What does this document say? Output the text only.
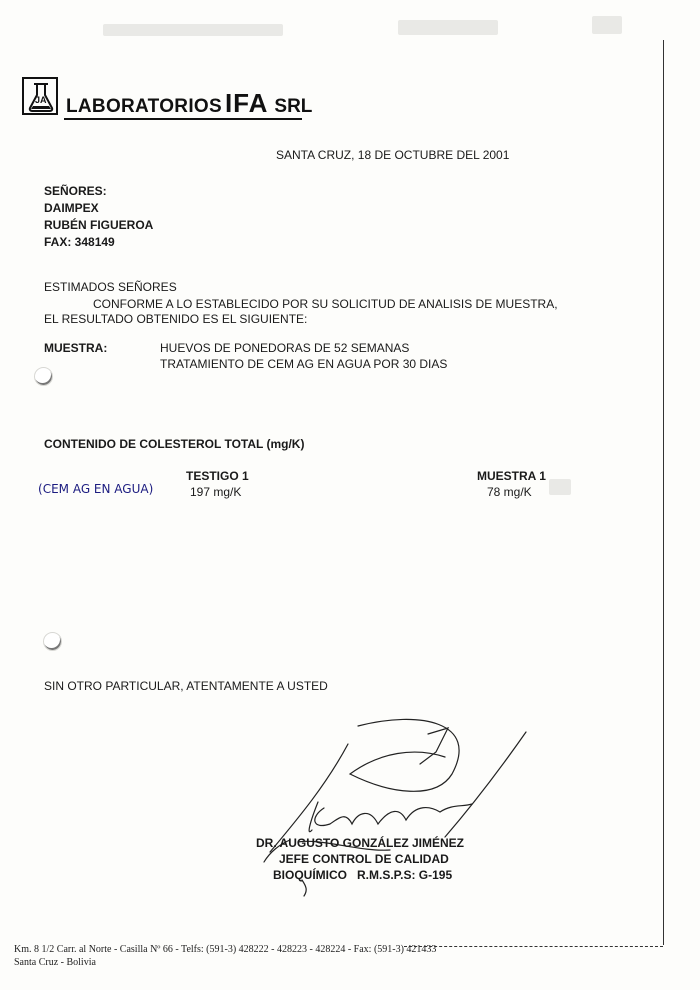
JA LABORATORIOS IFA SRL
SANTA CRUZ, 18 DE OCTUBRE DEL 2001
SEÑORES:
DAIMPEX
RUBÉN FIGUEROA
FAX: 348149
ESTIMADOS SEÑORES
CONFORME A LO ESTABLECIDO POR SU SOLICITUD DE ANALISIS DE MUESTRA,
EL RESULTADO OBTENIDO ES EL SIGUIENTE:
MUESTRA:	HUEVOS DE PONEDORAS DE 52 SEMANAS
TRATAMIENTO DE CEM AG EN AGUA POR 30 DIAS
CONTENIDO DE COLESTEROL TOTAL (mg/K)
(CEM AG EN AGUA)
TESTIGO 1
197 mg/K
MUESTRA 1
78 mg/K
SIN OTRO PARTICULAR, ATENTAMENTE A USTED
DR. AUGUSTO GONZÁLEZ JIMÉNEZ
JEFE CONTROL DE CALIDAD
BIOQUÍMICO   R.M.S.P.S: G-195
Km. 8 1/2 Carr. al Norte - Casilla Nº 66 - Telfs: (591-3) 428222 - 428223 - 428224 - Fax: (591-3) 421433
Santa Cruz - Bolivia
